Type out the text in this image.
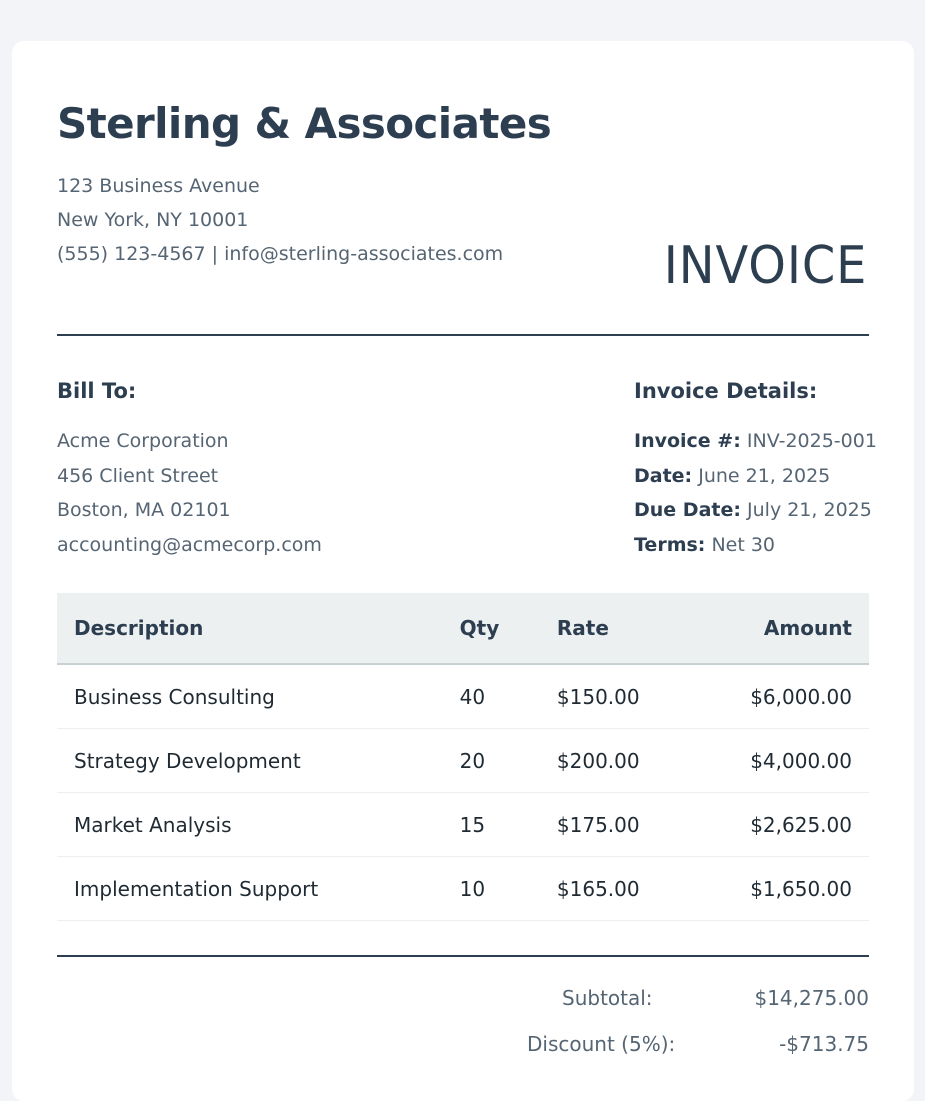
Sterling & Associates
123 Business Avenue
New York, NY 10001
(555) 123-4567 | info@sterling-associates.com	INVOICE
Bill To:
Acme Corporation
456 Client Street
Boston, MA 02101
accounting@acmecorp.com
Invoice Details:
Invoice #: INV-2025-001
Date: June 21, 2025
Due Date: July 21, 2025
Terms: Net 30
Description	Qty	Rate	Amount
Business Consulting	40	$150.00	$6,000.00
Strategy Development	20	$200.00	$4,000.00
Market Analysis	15	$175.00	$2,625.00
Implementation Support	10	$165.00	$1,650.00
Subtotal:	$14,275.00
Discount (5%):	-$713.75
